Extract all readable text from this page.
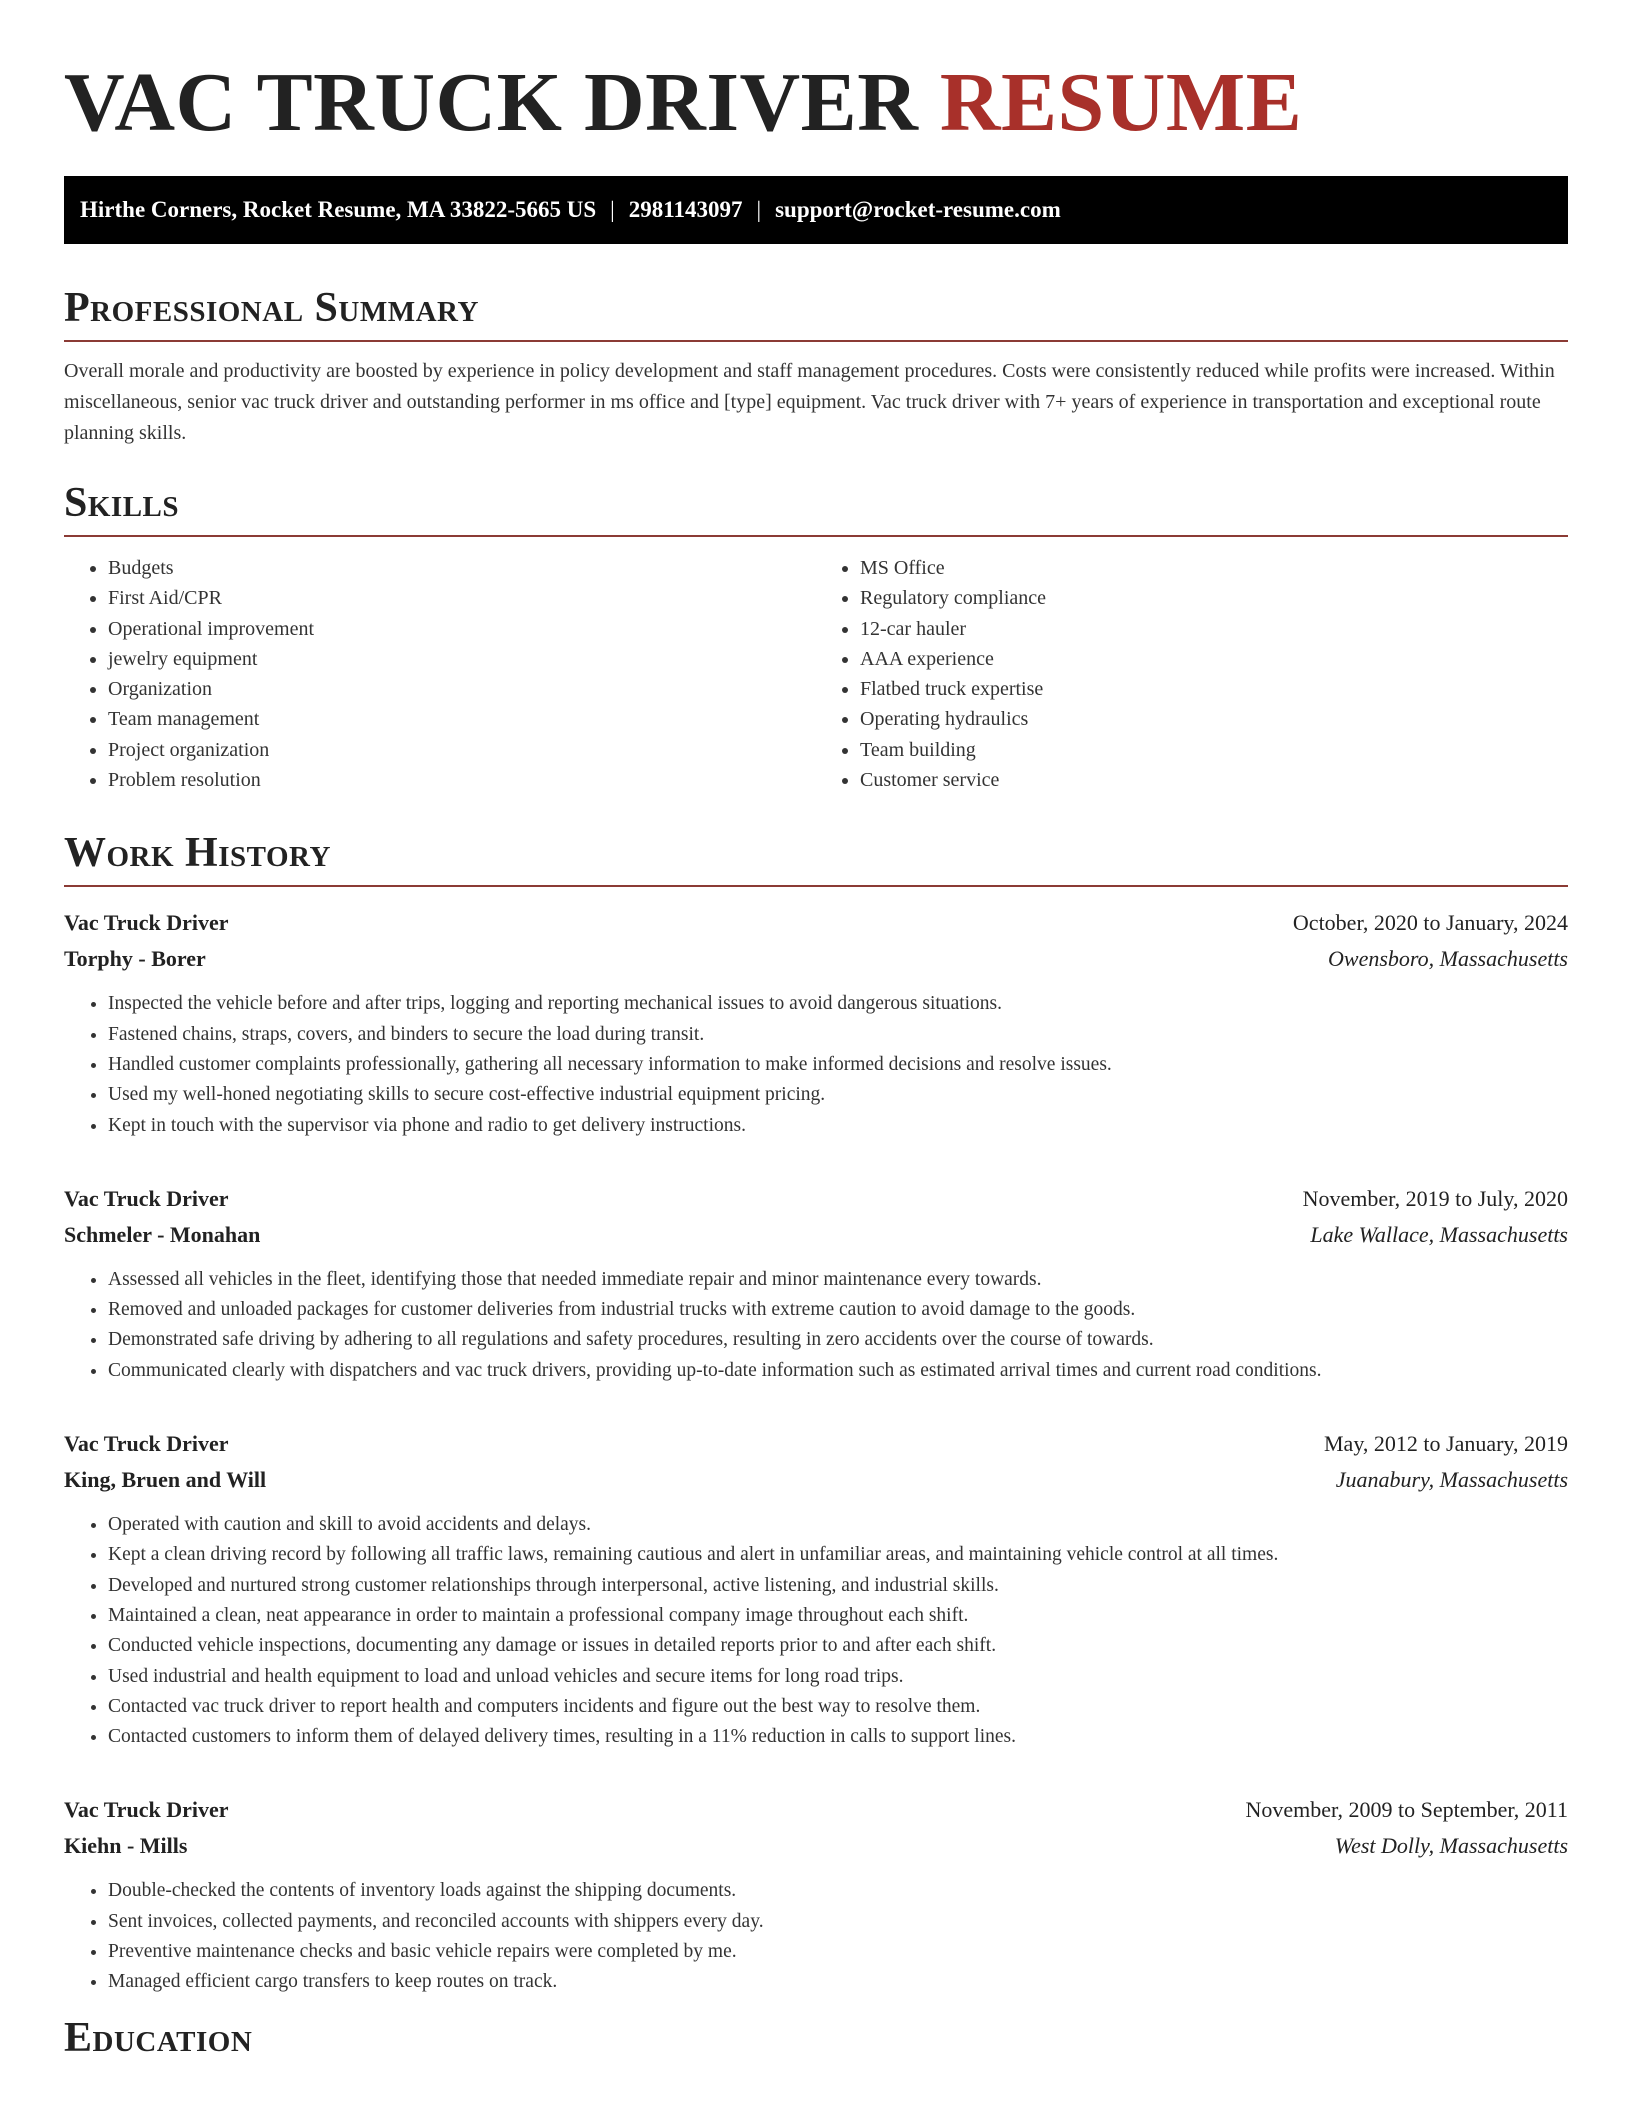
VAC TRUCK DRIVER RESUME
Hirthe Corners, Rocket Resume, MA 33822-5665 US | 2981143097 | support@rocket-resume.com
Professional Summary

Overall morale and productivity are boosted by experience in policy development and staff management procedures. Costs were consistently reduced while profits were increased. Within miscellaneous, senior vac truck driver and outstanding performer in ms office and [type] equipment. Vac truck driver with 7+ years of experience in transportation and exceptional route planning skills.

Skills
• Budgets
• First Aid/CPR
• Operational improvement
• jewelry equipment
• Organization
• Team management
• Project organization
• Problem resolution
• MS Office
• Regulatory compliance
• 12-car hauler
• AAA experience
• Flatbed truck expertise
• Operating hydraulics
• Team building
• Customer service
Work History
Vac Truck Driver	October, 2020 to January, 2024
Torphy - Borer	Owensboro, Massachusetts
• Inspected the vehicle before and after trips, logging and reporting mechanical issues to avoid dangerous situations.
• Fastened chains, straps, covers, and binders to secure the load during transit.
• Handled customer complaints professionally, gathering all necessary information to make informed decisions and resolve issues.
• Used my well-honed negotiating skills to secure cost-effective industrial equipment pricing.
• Kept in touch with the supervisor via phone and radio to get delivery instructions.
Vac Truck Driver	November, 2019 to July, 2020
Schmeler - Monahan	Lake Wallace, Massachusetts
• Assessed all vehicles in the fleet, identifying those that needed immediate repair and minor maintenance every towards.
• Removed and unloaded packages for customer deliveries from industrial trucks with extreme caution to avoid damage to the goods.
• Demonstrated safe driving by adhering to all regulations and safety procedures, resulting in zero accidents over the course of towards.
• Communicated clearly with dispatchers and vac truck drivers, providing up-to-date information such as estimated arrival times and current road conditions.
Vac Truck Driver	May, 2012 to January, 2019
King, Bruen and Will	Juanabury, Massachusetts
• Operated with caution and skill to avoid accidents and delays.
• Kept a clean driving record by following all traffic laws, remaining cautious and alert in unfamiliar areas, and maintaining vehicle control at all times.
• Developed and nurtured strong customer relationships through interpersonal, active listening, and industrial skills.
• Maintained a clean, neat appearance in order to maintain a professional company image throughout each shift.
• Conducted vehicle inspections, documenting any damage or issues in detailed reports prior to and after each shift.
• Used industrial and health equipment to load and unload vehicles and secure items for long road trips.
• Contacted vac truck driver to report health and computers incidents and figure out the best way to resolve them.
• Contacted customers to inform them of delayed delivery times, resulting in a 11% reduction in calls to support lines.
Vac Truck Driver	November, 2009 to September, 2011
Kiehn - Mills	West Dolly, Massachusetts
• Double-checked the contents of inventory loads against the shipping documents.
• Sent invoices, collected payments, and reconciled accounts with shippers every day.
• Preventive maintenance checks and basic vehicle repairs were completed by me.
• Managed efficient cargo transfers to keep routes on track.
Education
